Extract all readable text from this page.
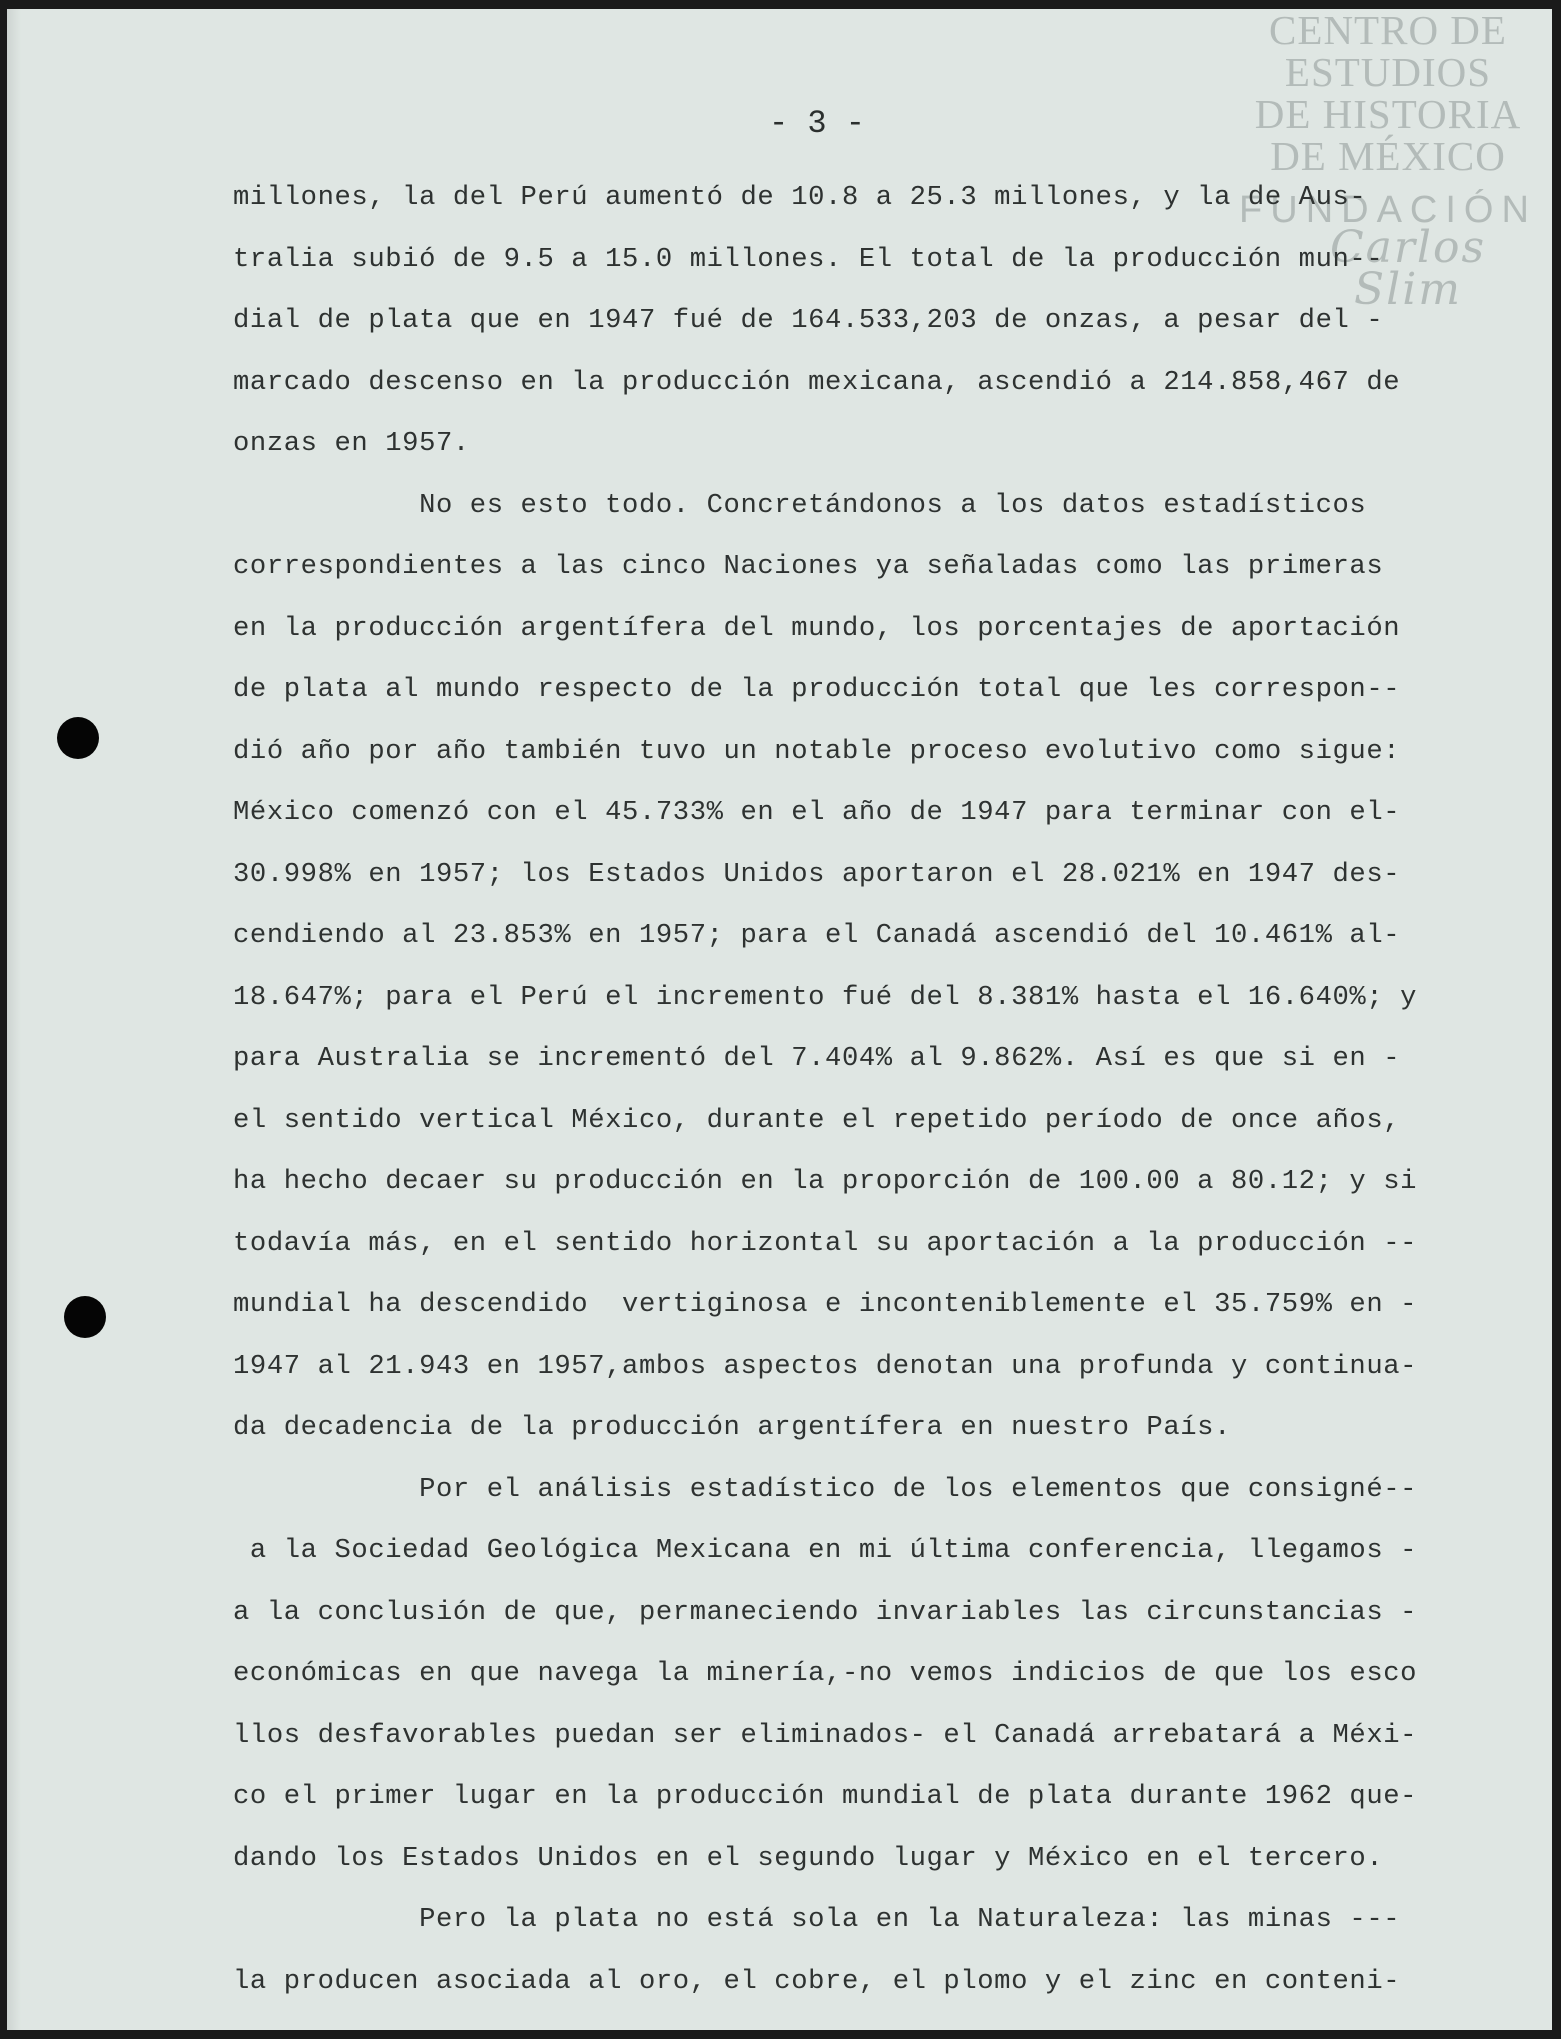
CENTRO DE
ESTUDIOS
DE HISTORIA
DE MÉXICO
FUNDACIÓN
Carlos Slim
- 3 -
millones, la del Perú aumentó de 10.8 a 25.3 millones, y la de Aus-
tralia subió de 9.5 a 15.0 millones. El total de la producción mun--
dial de plata que en 1947 fué de 164.533,203 de onzas, a pesar del -
marcado descenso en la producción mexicana, ascendió a 214.858,467 de
onzas en 1957.
No es esto todo. Concretándonos a los datos estadísticos
correspondientes a las cinco Naciones ya señaladas como las primeras
en la producción argentífera del mundo, los porcentajes de aportación
de plata al mundo respecto de la producción total que les correspon--
dió año por año también tuvo un notable proceso evolutivo como sigue:
México comenzó con el 45.733% en el año de 1947 para terminar con el-
30.998% en 1957; los Estados Unidos aportaron el 28.021% en 1947 des-
cendiendo al 23.853% en 1957; para el Canadá ascendió del 10.461% al-
18.647%; para el Perú el incremento fué del 8.381% hasta el 16.640%; y
para Australia se incrementó del 7.404% al 9.862%. Así es que si en -
el sentido vertical México, durante el repetido período de once años,
ha hecho decaer su producción en la proporción de 100.00 a 80.12; y si
todavía más, en el sentido horizontal su aportación a la producción --
mundial ha descendido  vertiginosa e inconteniblemente el 35.759% en -
1947 al 21.943 en 1957,ambos aspectos denotan una profunda y continua-
da decadencia de la producción argentífera en nuestro País.
Por el análisis estadístico de los elementos que consigné--
a la Sociedad Geológica Mexicana en mi última conferencia, llegamos -
a la conclusión de que, permaneciendo invariables las circunstancias -
económicas en que navega la minería,-no vemos indicios de que los esco
llos desfavorables puedan ser eliminados- el Canadá arrebatará a Méxi-
co el primer lugar en la producción mundial de plata durante 1962 que-
dando los Estados Unidos en el segundo lugar y México en el tercero.
Pero la plata no está sola en la Naturaleza: las minas ---
la producen asociada al oro, el cobre, el plomo y el zinc en conteni-
